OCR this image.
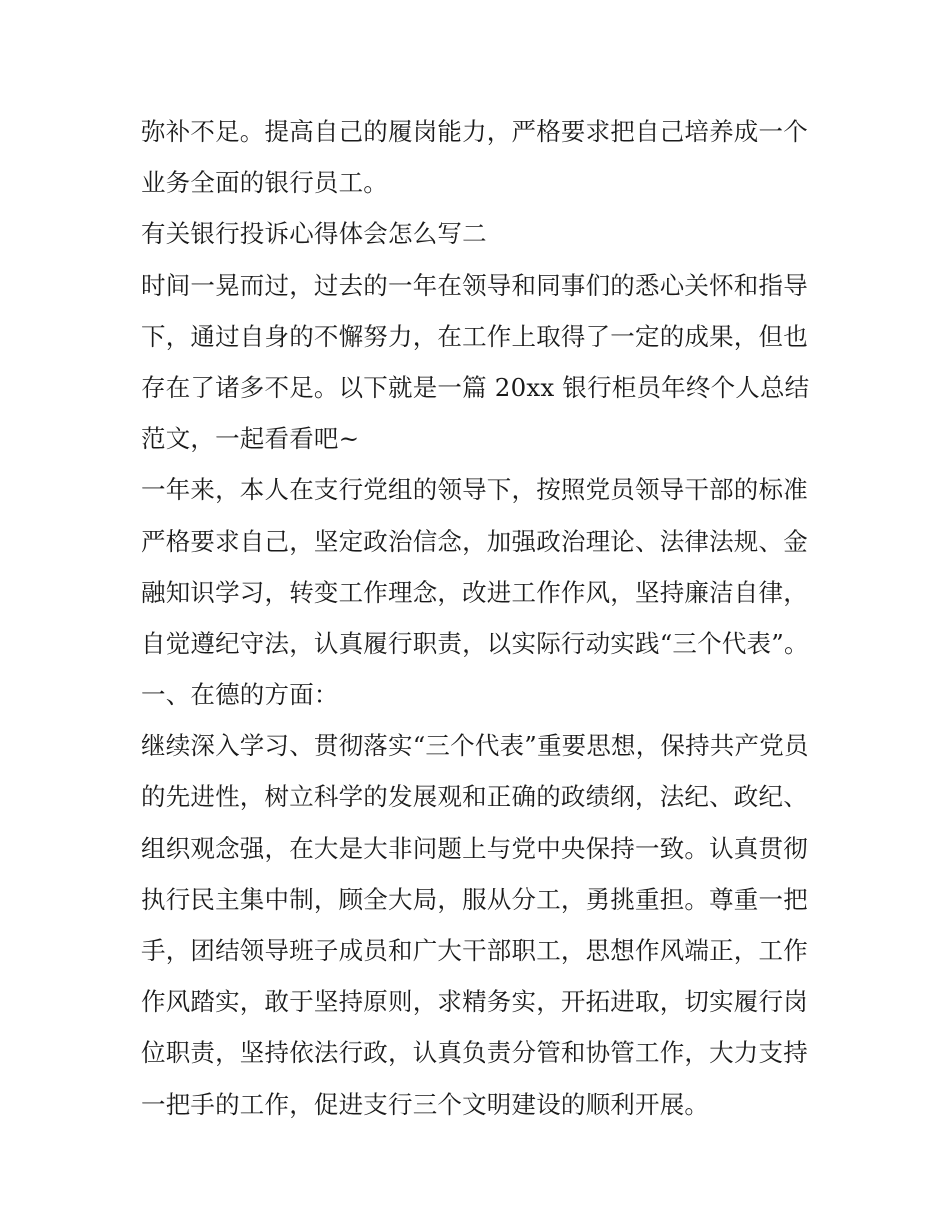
弥补不足。提高自己的履岗能力，严格要求把自己培养成一个
业务全面的银行员工。
有关银行投诉心得体会怎么写二
时间一晃而过，过去的一年在领导和同事们的悉心关怀和指导
下，通过自身的不懈努力，在工作上取得了一定的成果，但也
存在了诸多不足。以下就是一篇 20xx 银行柜员年终个人总结
范文，一起看看吧~
一年来，本人在支行党组的领导下，按照党员领导干部的标准
严格要求自己，坚定政治信念，加强政治理论、法律法规、金
融知识学习，转变工作理念，改进工作作风，坚持廉洁自律，
自觉遵纪守法，认真履行职责，以实际行动实践“三个代表”。
一、在德的方面：
继续深入学习、贯彻落实“三个代表”重要思想，保持共产党员
的先进性，树立科学的发展观和正确的政绩纲，法纪、政纪、
组织观念强，在大是大非问题上与党中央保持一致。认真贯彻
执行民主集中制，顾全大局，服从分工，勇挑重担。尊重一把
手，团结领导班子成员和广大干部职工，思想作风端正，工作
作风踏实，敢于坚持原则，求精务实，开拓进取，切实履行岗
位职责，坚持依法行政，认真负责分管和协管工作，大力支持
一把手的工作，促进支行三个文明建设的顺利开展。
